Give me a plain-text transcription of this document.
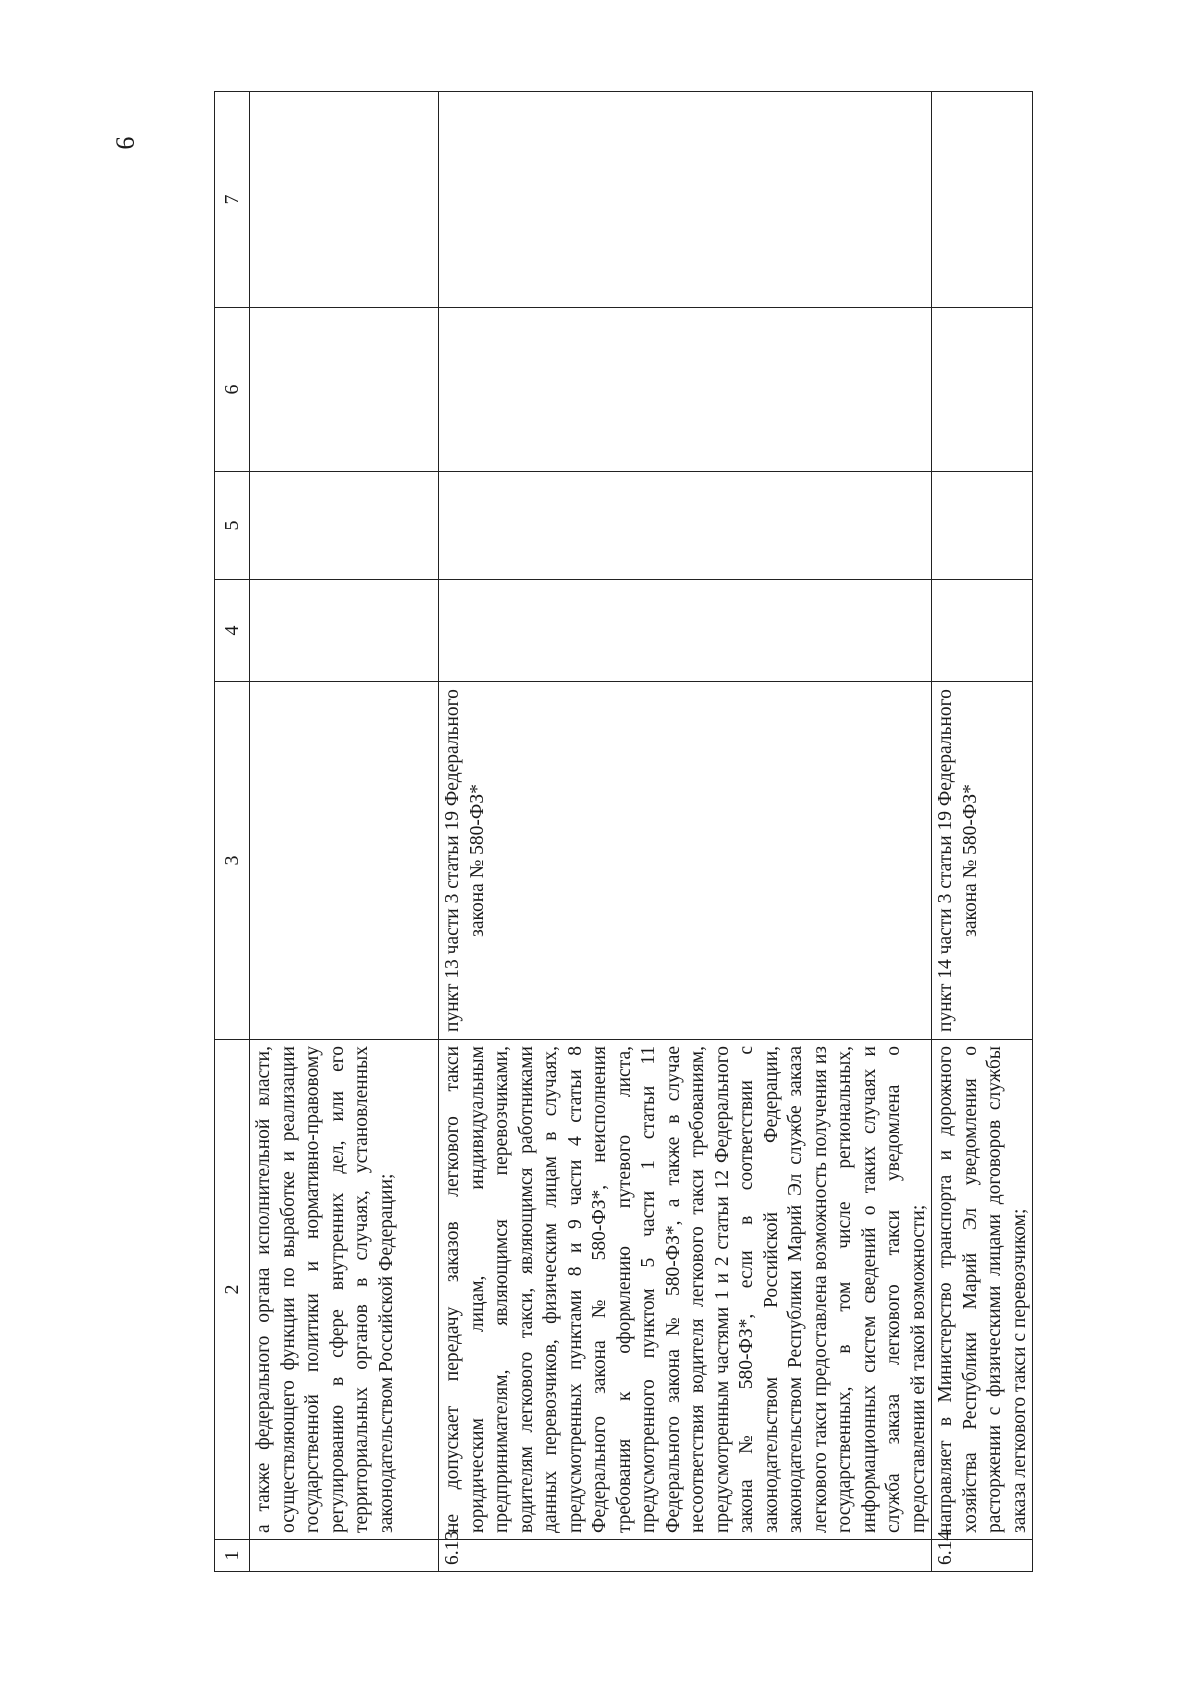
9
1	2	3	4	5	6	7
	а также федерального органа исполнительной власти, осуществляющего функции по выработке и реализации государственной политики и нормативно-правовому регулированию в сфере внутренних дел, или его территориальных органов в случаях, установленных законодательством Российской Федерации;					
6.13	не допускает передачу заказов легкового такси юридическим лицам, индивидуальным предпринимателям, являющимся перевозчиками, водителям легкового такси, являющимся работниками данных перевозчиков, физическим лицам в случаях, предусмотренных пунктами 8 и 9 части 4 статьи 8 Федерального закона № 580-ФЗ*, неисполнения требования к оформлению путевого листа, предусмотренного пунктом 5 части 1 статьи 11 Федерального закона № 580-ФЗ*, а также в случае несоответствия водителя легкового такси требованиям, предусмотренным частями 1 и 2 статьи 12 Федерального закона № 580-ФЗ*, если в соответствии с законодательством Российской Федерации, законодательством Республики Марий Эл службе заказа легкового такси предоставлена возможность получения из государственных, в том числе региональных, информационных систем сведений о таких случаях и служба заказа легкового такси уведомлена о предоставлении ей такой возможности;	пункт 13 части 3 статьи 19 Федерального закона № 580-ФЗ*				
6.14	направляет в Министерство транспорта и дорожного хозяйства Республики Марий Эл уведомления о расторжении с физическими лицами договоров службы заказа легкового такси с перевозчиком;	пункт 14 части 3 статьи 19 Федерального закона № 580-ФЗ*				
